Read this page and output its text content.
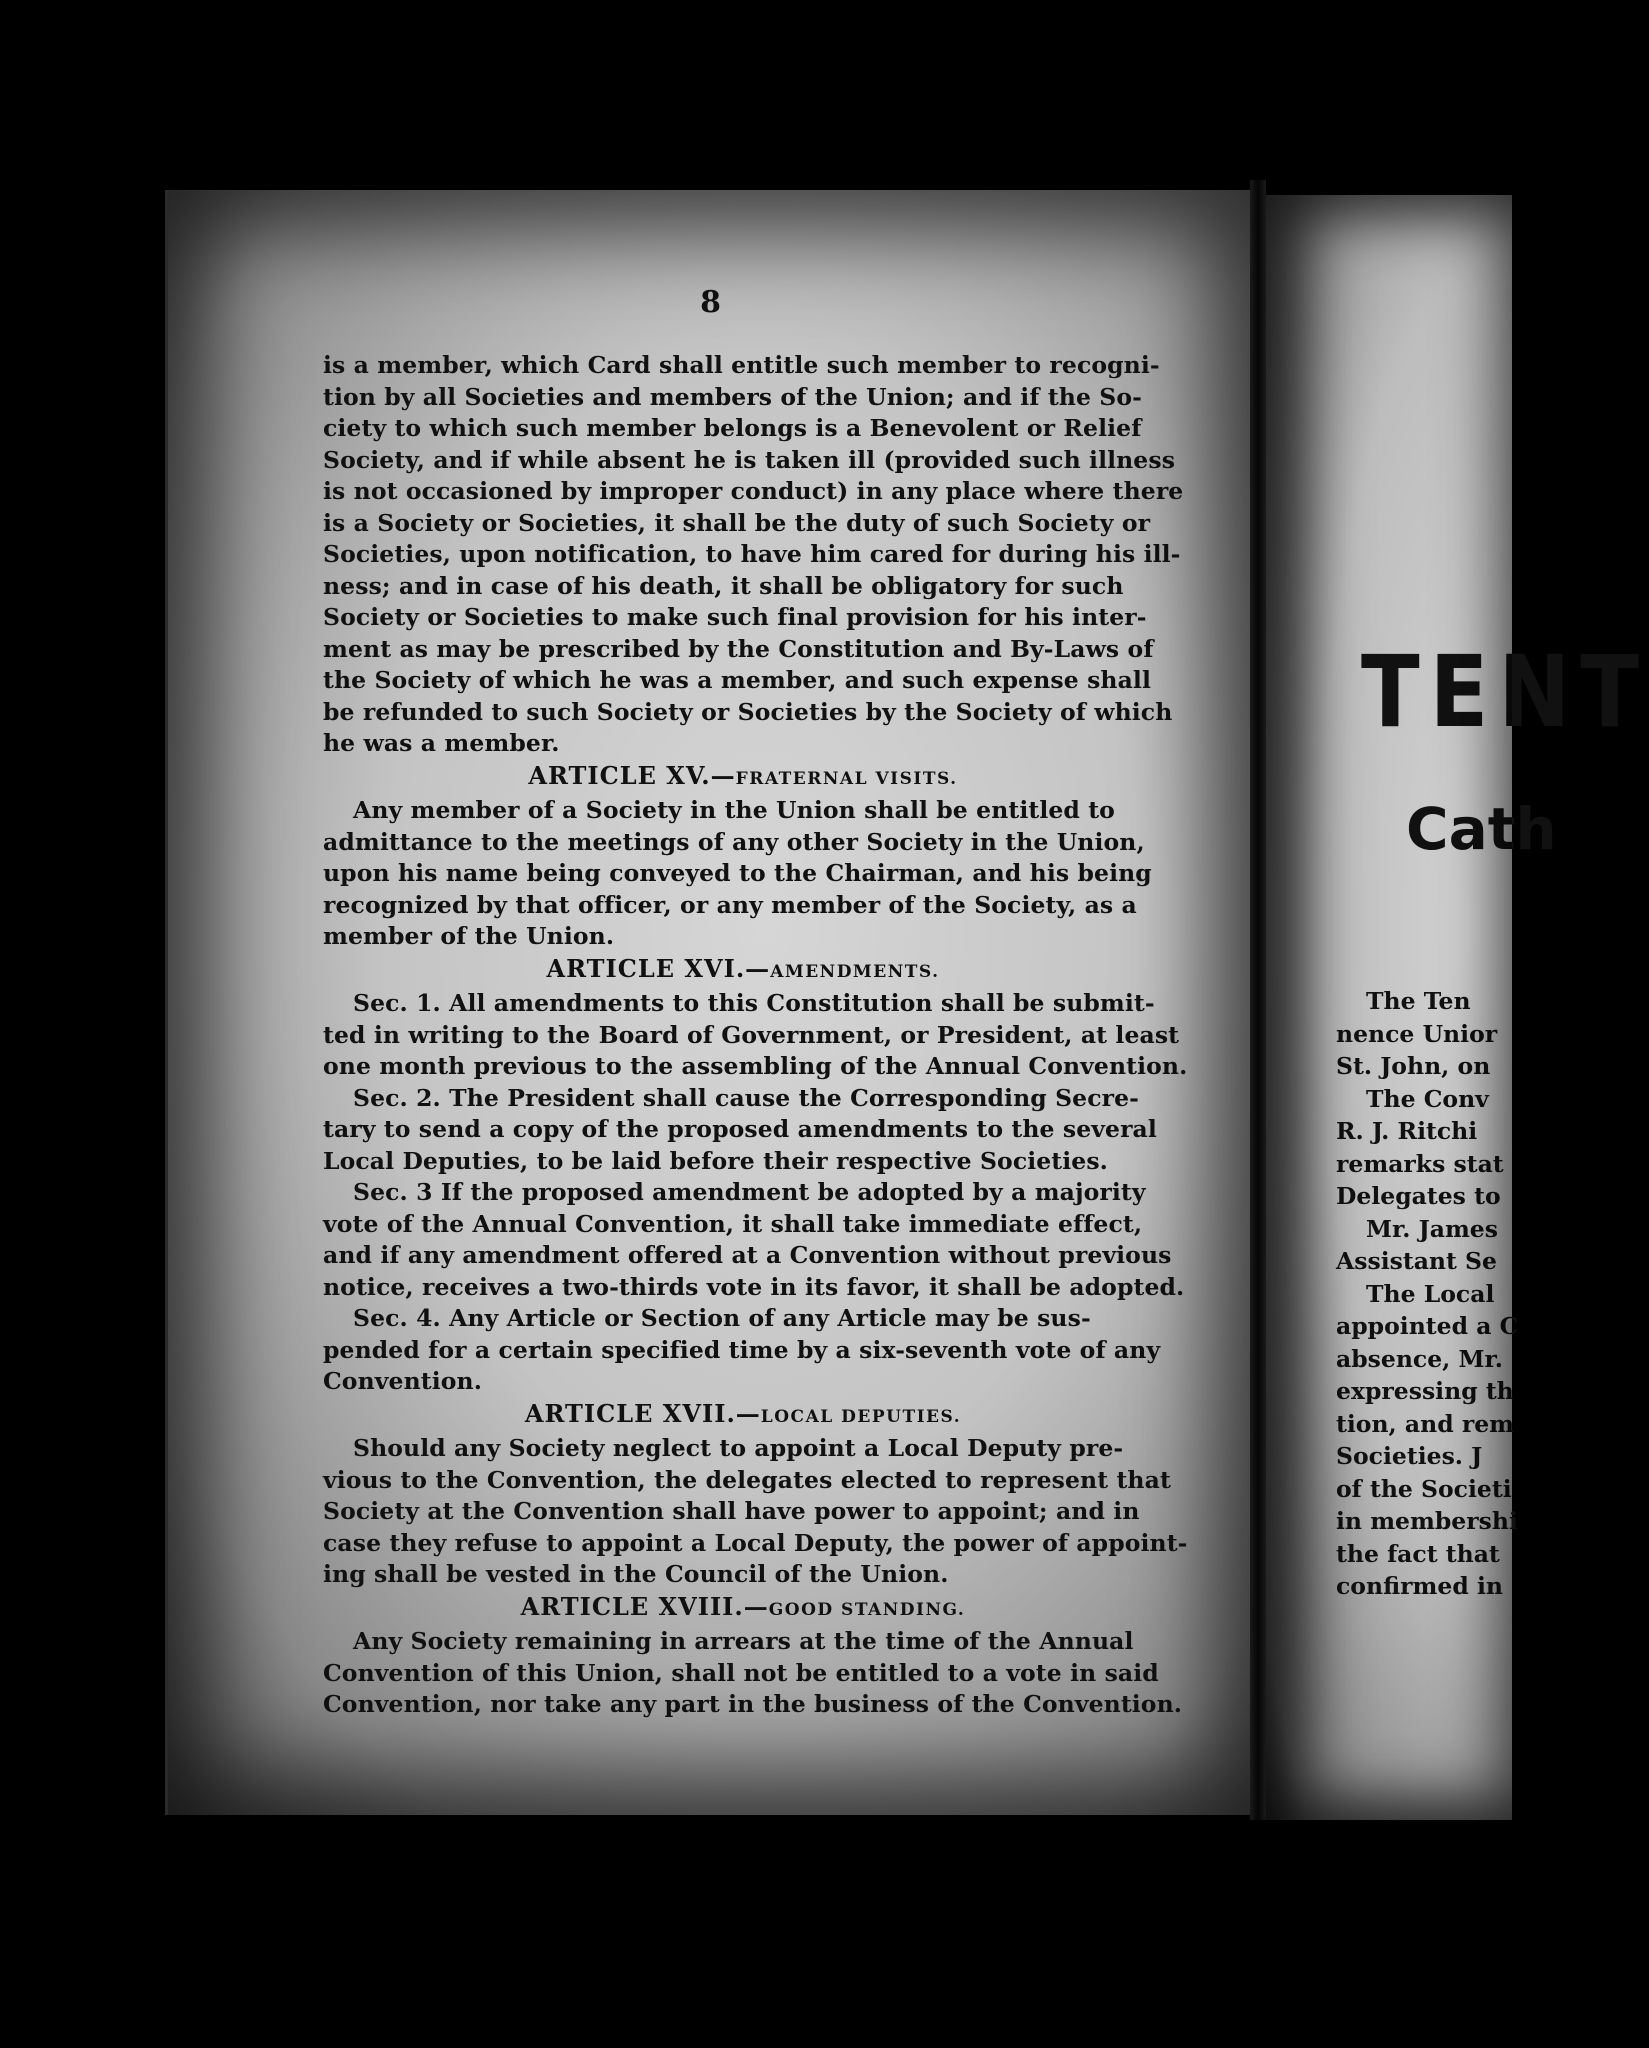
8
is a member, which Card shall entitle such member to recogni-
tion by all Societies and members of the Union; and if the So-
ciety to which such member belongs is a Benevolent or Relief
Society, and if while absent he is taken ill (provided such illness
is not occasioned by improper conduct) in any place where there
is a Society or Societies, it shall be the duty of such Society or
Societies, upon notification, to have him cared for during his ill-
ness; and in case of his death, it shall be obligatory for such
Society or Societies to make such final provision for his inter-
ment as may be prescribed by the Constitution and By-Laws of
the Society of which he was a member, and such expense shall
be refunded to such Society or Societies by the Society of which
he was a member.
ARTICLE XV.—FRATERNAL VISITS.
Any member of a Society in the Union shall be entitled to
admittance to the meetings of any other Society in the Union,
upon his name being conveyed to the Chairman, and his being
recognized by that officer, or any member of the Society, as a
member of the Union.
ARTICLE XVI.—AMENDMENTS.
Sec. 1. All amendments to this Constitution shall be submit-
ted in writing to the Board of Government, or President, at least
one month previous to the assembling of the Annual Convention.
Sec. 2. The President shall cause the Corresponding Secre-
tary to send a copy of the proposed amendments to the several
Local Deputies, to be laid before their respective Societies.
Sec. 3 If the proposed amendment be adopted by a majority
vote of the Annual Convention, it shall take immediate effect,
and if any amendment offered at a Convention without previous
notice, receives a two-thirds vote in its favor, it shall be adopted.
Sec. 4. Any Article or Section of any Article may be sus-
pended for a certain specified time by a six-seventh vote of any
Convention.
ARTICLE XVII.—LOCAL DEPUTIES.
Should any Society neglect to appoint a Local Deputy pre-
vious to the Convention, the delegates elected to represent that
Society at the Convention shall have power to appoint; and in
case they refuse to appoint a Local Deputy, the power of appoint-
ing shall be vested in the Council of the Union.
ARTICLE XVIII.—GOOD STANDING.
Any Society remaining in arrears at the time of the Annual
Convention of this Union, shall not be entitled to a vote in said
Convention, nor take any part in the business of the Convention.
TENT
Cath
The Ten
nence Unior
St. John, on
The Conv
R. J. Ritchi
remarks stat
Delegates to
Mr. James
Assistant Se
The Local
appointed a C
absence, Mr.
expressing th
tion, and rem
Societies. J
of the Societi
in membershi
the fact that
confirmed in
